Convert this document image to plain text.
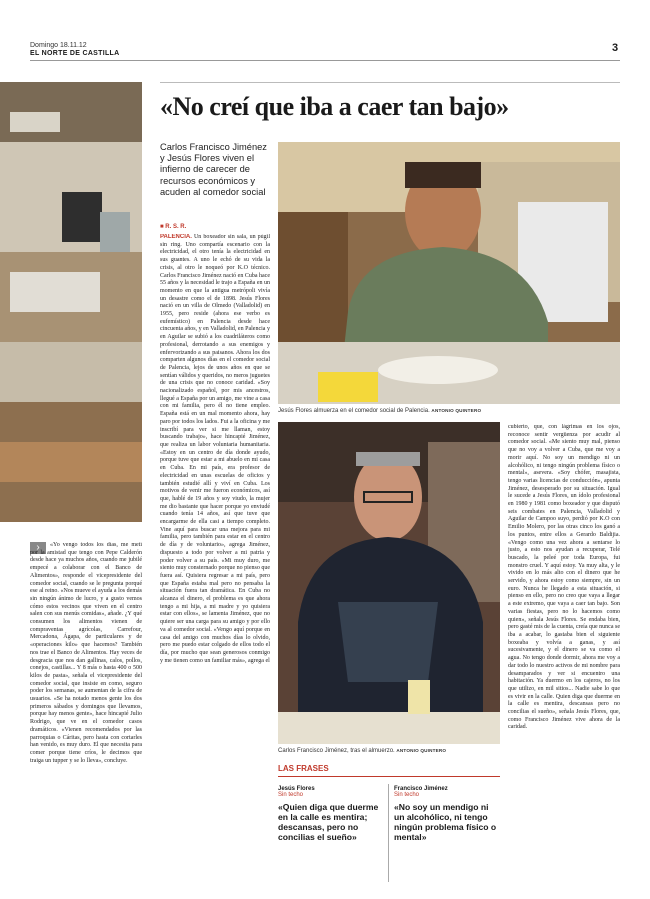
Domingo 18.11.12
EL NORTE DE CASTILLA	3
«No creí que iba a caer tan bajo»
Carlos Francisco Jiménez y Jesús Flores viven el infierno de carecer de recursos económicos y acuden al comedor social
■ R. S. R.
PALENCIA. Un boxeador sin sala, un púgil sin ring. Uno compartía escenario con la electricidad, el otro tenía la electricidad en sus guantes. A uno le echó de su vida la crisis, al otro le noqueó por K.O técnico. Carlos Francisco Jiménez nació en Cuba hace 55 años y la necesidad le trajo a España en un momento en que la antigua metrópoli vivía un desastre como el de 1898. Jesús Flores nació en un villa de Olmedo (Valladolid) en 1955, pero reside (ahora ese verbo es eufemístico) en Palencia desde hace cincuenta años, y en Valladolid, en Palencia y en Aguilar se subió a los cuadriláteros como profesional, derrotando a sus enemigos y enfervorizando a sus paisanos. Ahora los dos comparten algunos días en el comedor social de Palencia, lejos de unos años en que se sentían válidos y queridos, no meros juguetes de una crisis que no conoce caridad. «Soy nacionalizado español, por mis ancestros, llegué a España por un amigo, me vine a casa con mi familia, pero él no tiene empleo. España está en un mal momento ahora, hay paro por todos los lados. Fui a la oficina y me inscribí para ver si me llaman, estoy buscando trabajo», hace hincapié Jiménez, que realiza un labor voluntaria humanitaria. «Estoy en un centro de día donde ayudo, porque tuve que estar a mi abuelo en mi casa en Cuba. En mi país, era profesor de electricidad en unas escuelas de oficios y también estudié allí y viví en Cuba. Los motivos de venir me fueron económicos, así que, hablé de 19 años y soy viudo, la mujer me dio bastante que hacer porque yo enviudé cuando tenía 14 años, así que tuve que encargarme de ella casi a tiempo completo. Vine aquí para buscar una mejora para mi familia, pero también para estar en el centro de día y de voluntario», agrega Jiménez, dispuesto a todo por volver a mi patria y poder volver a su país. «Mi muy duro, me siento muy consternado porque no pienso que fuera así. Quisiera regresar a mi país, pero que España estaba mal pero no pensaba la situación fuera tan dramática. En Cuba no alcanza el dinero, el problema es que ahora tengo a mi hija, a mi madre y yo quisiera estar con ellos», se lamenta Jiménez, que no quiere ser una carga para su amigo y por ello va al comedor social. «Vengo aquí porque en casa del amigo con muchos días lo olvido, pero me puedo estar colgado de ellos todo el día, por mucho que sean generosos conmigo y me tienen como un familiar más», agrega el
›	«Yo vengo todos los días, me metí por la amistad que tengo con Pepe Calderón desde hace ya muchos años, cuando me jubilé empecé a colaborar con el Banco de Alimentos», responde el vicepresidente del comedor social, cuando se le pregunta porqué ese al reino. «Nos mueve el ayuda a los demás sin ningún ánimo de lucro, y a gusto vemos cómo estos vecinos que viven en el centro salen con sus menús comidas», añade. ¿Y qué consumen los alimentos vienen de compraventas agrícolas, Carrefour, Mercadona, Ágapa, de particulares y de «operaciones kilo» que hacemos? También nos trae el Banco de Alimentos. Hay veces de desgracia que nos dan gallinas, calos, pollos, conejos, castillas... Y 8 más o hasta 400 o 500 kilos de pasta», señala el vicepresidente del comedor social, que insiste en como, seguro poder los semanas, se aumentan de la cifra de usuarios. «Se ha notado menos gente los dos primeros sábados y domingos que llevamos, porque hay menos gente», hace hincapié Julio Rodrigo, que ve en el comedor casos dramáticos. «Vienen recomendados por las parroquias o Cáritas, pero hasta con cortarles han venido, es muy duro. El que necesita para comer porque tiene críos, le decimos que traiga un tupper y se lo lleva», concluye.
Jesús Flores almuerza en el comedor social de Palencia. ANTONIO QUINTERO
Carlos Francisco Jiménez, tras el almuerzo. ANTONIO QUINTERO
cubierto, que, con lágrimas en los ojos, reconoce sentir vergüenza por acudir al comedor social. «Me siento muy mal, pienso que no voy a volver a Cuba, que me voy a morir aquí. No soy un mendigo ni un alcohólico, ni tengo ningún problema físico o mental», asevera. «Soy chófer, masajista, tengo varias licencias de conducción», apunta Jiménez, desesperado por su situación. Igual le sucede a Jesús Flores, un ídolo profesional en 1980 y 1981 como boxeador y que disputó seis combates en Palencia, Valladolid y Aguilar de Campoo suyo, perdió por K.O con Emilio Molero, por las otras cinco los ganó a los puntos, entre ellos a Gerardo Baldijia. «Vengo como una vez ahora a sentarse lo justo, a esto nos ayudan a recuperar, Telé buscado, la peleé por toda Europa, fui monstro cruel. Y aquí estoy. Ya muy alta, y le vivido en lo más alto con el dinero que he servido, y ahora estoy como siempre, sin un euro. Nunca he llegado a esta situación, si pienso en ello, pero no creo que vaya a llegar a este extremo, que vaya a caer tan bajo. Son varias fiestas, pero no lo hacemos como quien», señala Jesús Flores. Se endaba bien, pero gasté mis de la cuenta, creía que nunca se iba a acabar, lo gastaba bien el siguiente boxeaba y volvía a ganas, y así sucesivamente, y el dinero se va como el agua. No tengo donde dormir, ahora me voy a dar todo lo nuestro activos de mi nombre para desamparados y ver si encuentro una habitación. Ya duermo en los cajeros, no los que utilizo, en mil sitios... Nadie sabe lo que es vivir en la calle. Quien diga que duerme en la calle es mentira, descansas pero no concilias el sueño», señala Jesús Flores, que, como Francisco Jiménez vive ahora de la caridad.
LAS FRASES
Jesús Flores
Sin techo
«Quien diga que duerme en la calle es mentira; descansas, pero no concilias el sueño»
Francisco Jiménez
Sin techo
«No soy un mendigo ni un alcohólico, ni tengo ningún problema físico o mental»
